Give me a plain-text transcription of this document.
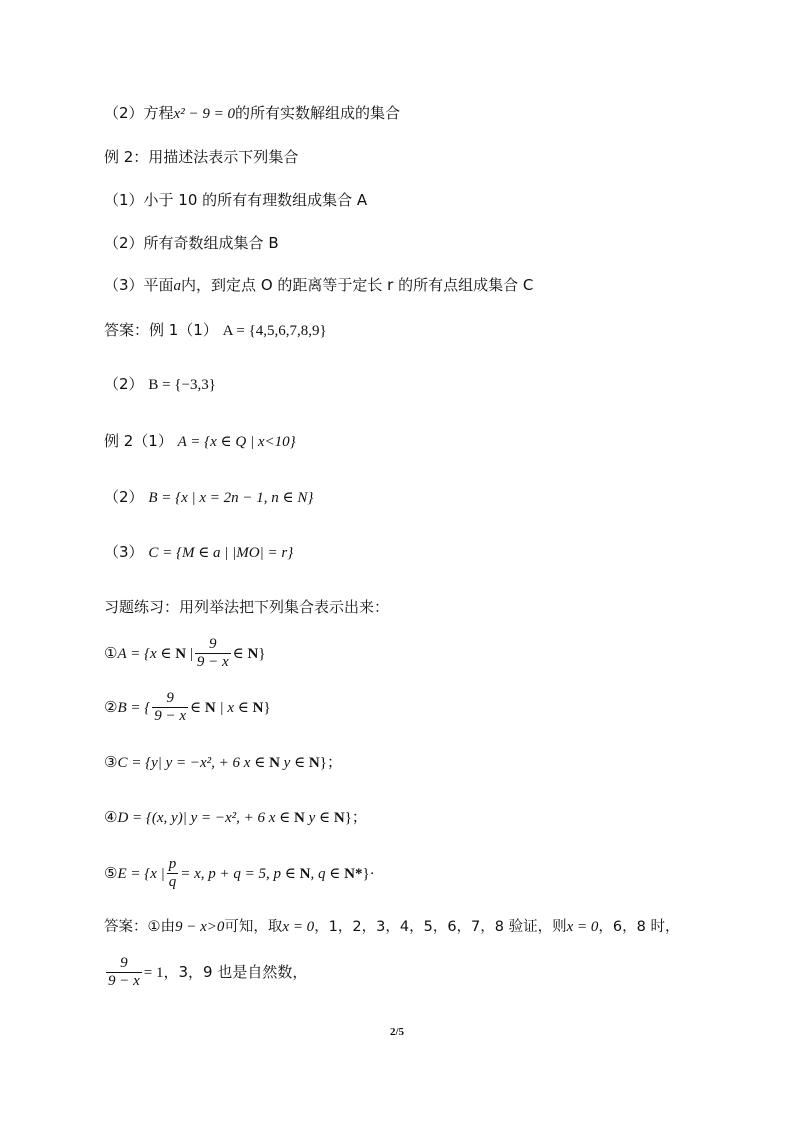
（2）方程x² − 9 = 0的所有实数解组成的集合
例 2：用描述法表示下列集合
（1）小于 10 的所有有理数组成集合 A
（2）所有奇数组成集合 B
（3）平面a内，到定点 O 的距离等于定长 r 的所有点组成集合 C
答案：例 1（1） A = {4,5,6,7,8,9}
（2） B = {−3,3}
例 2（1） A = {x ∈ Q | x<10}
（2） B = {x | x = 2n − 1, n ∈ N}
（3） C = {M ∈ a | |MO| = r}
习题练习：用列举法把下列集合表示出来：
①A = {x ∈ N | $\frac{9}{9 - x}$ ∈ N}
②B = { $\frac{9}{9 - x}$ ∈ N | x ∈ N}
③C = {y| y = −x², + 6 x ∈ N y ∈ N}；
④D = {(x, y)| y = −x², + 6 x ∈ N y ∈ N}；
⑤E = {x | $\frac{p}{q} = x$, p + q = 5, p ∈ N, q ∈ N*}·
答案：①由9 − x>0可知，取x = 0，1，2，3，4，5，6，7，8 验证，则x = 0，6，8 时，
$\frac{9}{9 - x} = 1$，3，9 也是自然数，
2/5
